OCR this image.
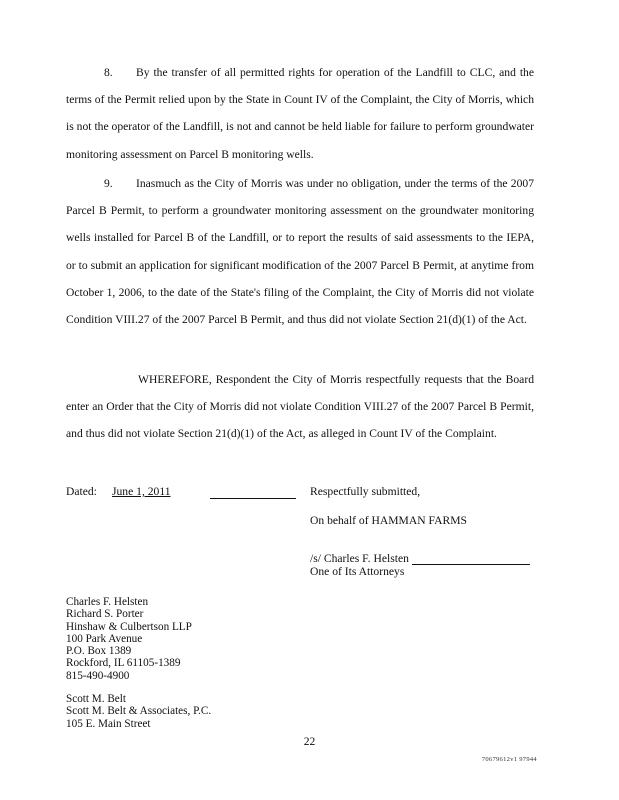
8. By the transfer of all permitted rights for operation of the Landfill to CLC, and the terms of the Permit relied upon by the State in Count IV of the Complaint, the City of Morris, which is not the operator of the Landfill, is not and cannot be held liable for failure to perform groundwater monitoring assessment on Parcel B monitoring wells.

9. Inasmuch as the City of Morris was under no obligation, under the terms of the 2007 Parcel B Permit, to perform a groundwater monitoring assessment on the groundwater monitoring wells installed for Parcel B of the Landfill, or to report the results of said assessments to the IEPA, or to submit an application for significant modification of the 2007 Parcel B Permit, at anytime from October 1, 2006, to the date of the State's filing of the Complaint, the City of Morris did not violate Condition VIII.27 of the 2007 Parcel B Permit, and thus did not violate Section 21(d)(1) of the Act.

WHEREFORE, Respondent the City of Morris respectfully requests that the Board enter an Order that the City of Morris did not violate Condition VIII.27 of the 2007 Parcel B Permit, and thus did not violate Section 21(d)(1) of the Act, as alleged in Count IV of the Complaint.

Dated: June 1, 2011	Respectfully submitted,
On behalf of HAMMAN FARMS
/s/ Charles F. Helsten
One of Its Attorneys
Charles F. Helsten
Richard S. Porter
Hinshaw & Culbertson LLP
100 Park Avenue
P.O. Box 1389
Rockford, IL 61105-1389
815-490-4900
Scott M. Belt
Scott M. Belt & Associates, P.C.
105 E. Main Street
22
70679612v1 97944
